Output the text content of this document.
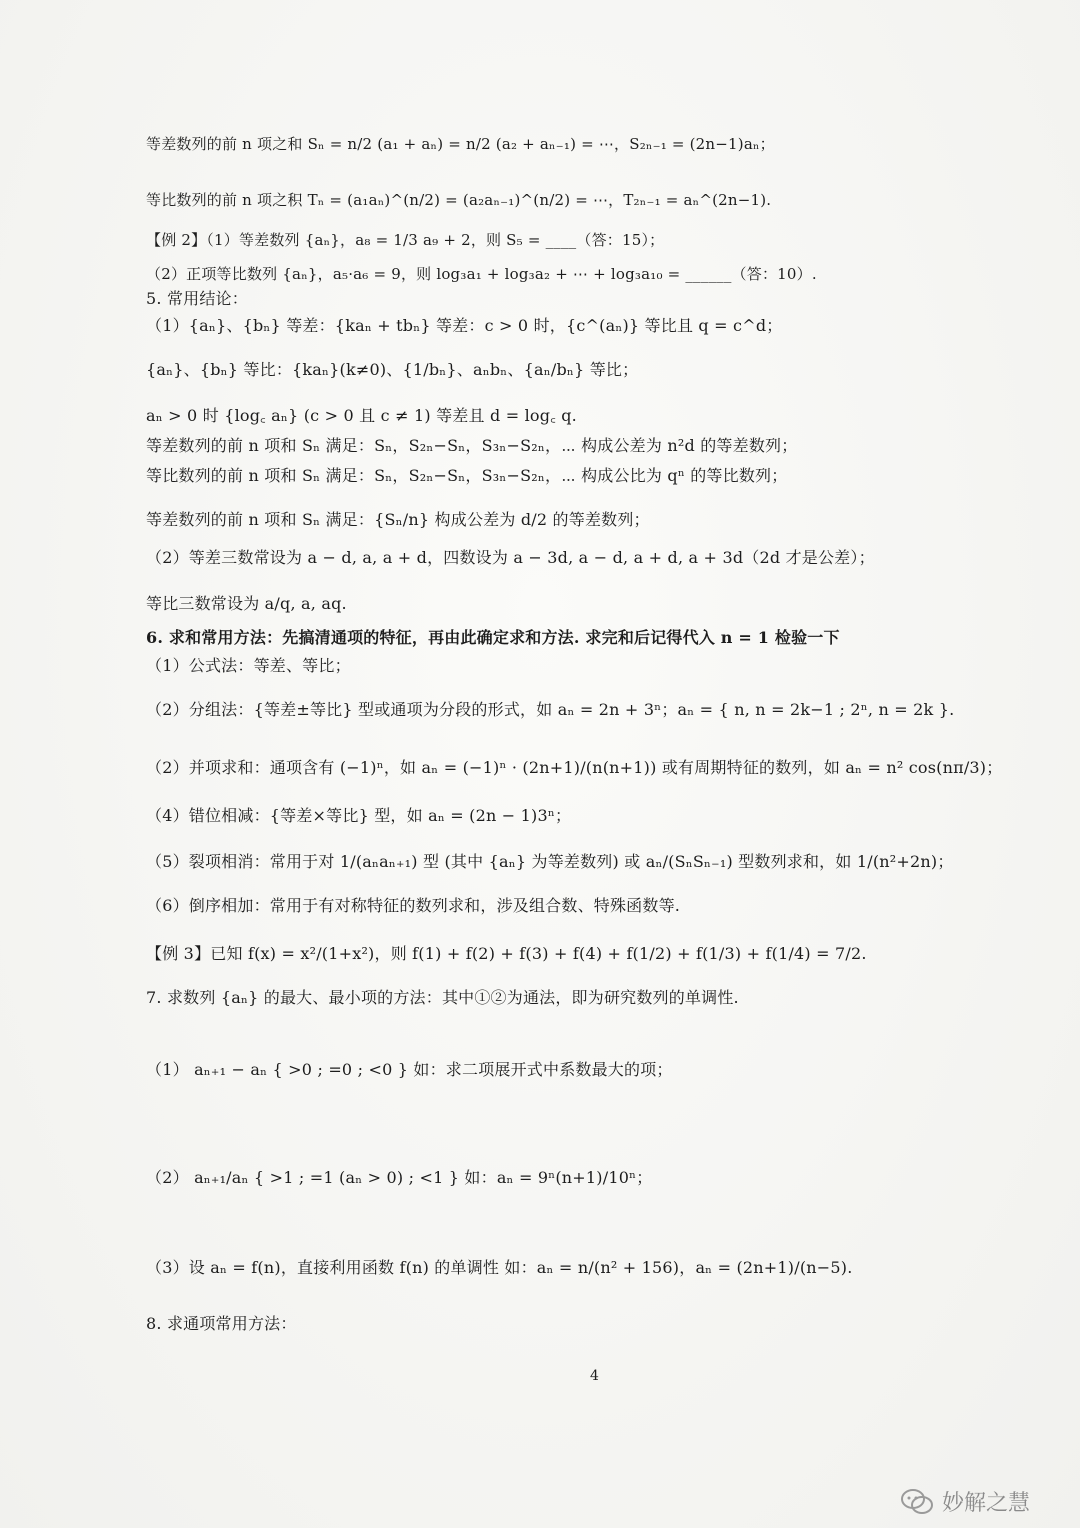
等差数列的前 n 项之和 Sₙ = n/2 (a₁ + aₙ) = n/2 (a₂ + aₙ₋₁) = ⋯，S₂ₙ₋₁ = (2n−1)aₙ；
等比数列的前 n 项之积 Tₙ = (a₁aₙ)^(n/2) = (a₂aₙ₋₁)^(n/2) = ⋯，T₂ₙ₋₁ = aₙ^(2n−1).
【例 2】（1）等差数列 {aₙ}，a₈ = 1/3 a₉ + 2，则 S₅ = ____（答：15）；
（2）正项等比数列 {aₙ}，a₅·a₆ = 9，则 log₃a₁ + log₃a₂ + ⋯ + log₃a₁₀ = ______（答：10）.
5. 常用结论：
（1）{aₙ}、{bₙ} 等差：{kaₙ + tbₙ} 等差：c > 0 时，{c^(aₙ)} 等比且 q = c^d；
{aₙ}、{bₙ} 等比：{kaₙ}(k≠0)、{1/bₙ}、aₙbₙ、{aₙ/bₙ} 等比；
aₙ > 0 时 {log꜀ aₙ} (c > 0 且 c ≠ 1) 等差且 d = log꜀ q.
等差数列的前 n 项和 Sₙ 满足：Sₙ，S₂ₙ−Sₙ，S₃ₙ−S₂ₙ，⋯ 构成公差为 n²d 的等差数列；
等比数列的前 n 项和 Sₙ 满足：Sₙ，S₂ₙ−Sₙ，S₃ₙ−S₂ₙ，⋯ 构成公比为 qⁿ 的等比数列；
等差数列的前 n 项和 Sₙ 满足：{Sₙ/n} 构成公差为 d/2 的等差数列；
（2）等差三数常设为 a − d, a, a + d，四数设为 a − 3d, a − d, a + d, a + 3d（2d 才是公差）；
等比三数常设为 a/q, a, aq.
6. 求和常用方法：先搞清通项的特征，再由此确定求和方法. 求完和后记得代入 n = 1 检验一下
（1）公式法：等差、等比；
（2）分组法：{等差±等比} 型或通项为分段的形式，如 aₙ = 2n + 3ⁿ；aₙ = { n, n = 2k−1 ; 2ⁿ, n = 2k }.
（2）并项求和：通项含有 (−1)ⁿ，如 aₙ = (−1)ⁿ · (2n+1)/(n(n+1)) 或有周期特征的数列，如 aₙ = n² cos(nπ/3)；
（4）错位相减：{等差×等比} 型，如 aₙ = (2n − 1)3ⁿ；
（5）裂项相消：常用于对 1/(aₙaₙ₊₁) 型 (其中 {aₙ} 为等差数列) 或 aₙ/(SₙSₙ₋₁) 型数列求和，如 1/(n²+2n)；
（6）倒序相加：常用于有对称特征的数列求和，涉及组合数、特殊函数等.
【例 3】已知 f(x) = x²/(1+x²)，则 f(1) + f(2) + f(3) + f(4) + f(1/2) + f(1/3) + f(1/4) = 7/2.
7. 求数列 {aₙ} 的最大、最小项的方法：其中①②为通法，即为研究数列的单调性.
（1） aₙ₊₁ − aₙ { >0 ; =0 ; <0 } 如：求二项展开式中系数最大的项；
（2） aₙ₊₁/aₙ { >1 ; =1 (aₙ > 0) ; <1 } 如：aₙ = 9ⁿ(n+1)/10ⁿ；
（3）设 aₙ = f(n)，直接利用函数 f(n) 的单调性 如：aₙ = n/(n² + 156)，aₙ = (2n+1)/(n−5).
8. 求通项常用方法：
4
妙解之慧
